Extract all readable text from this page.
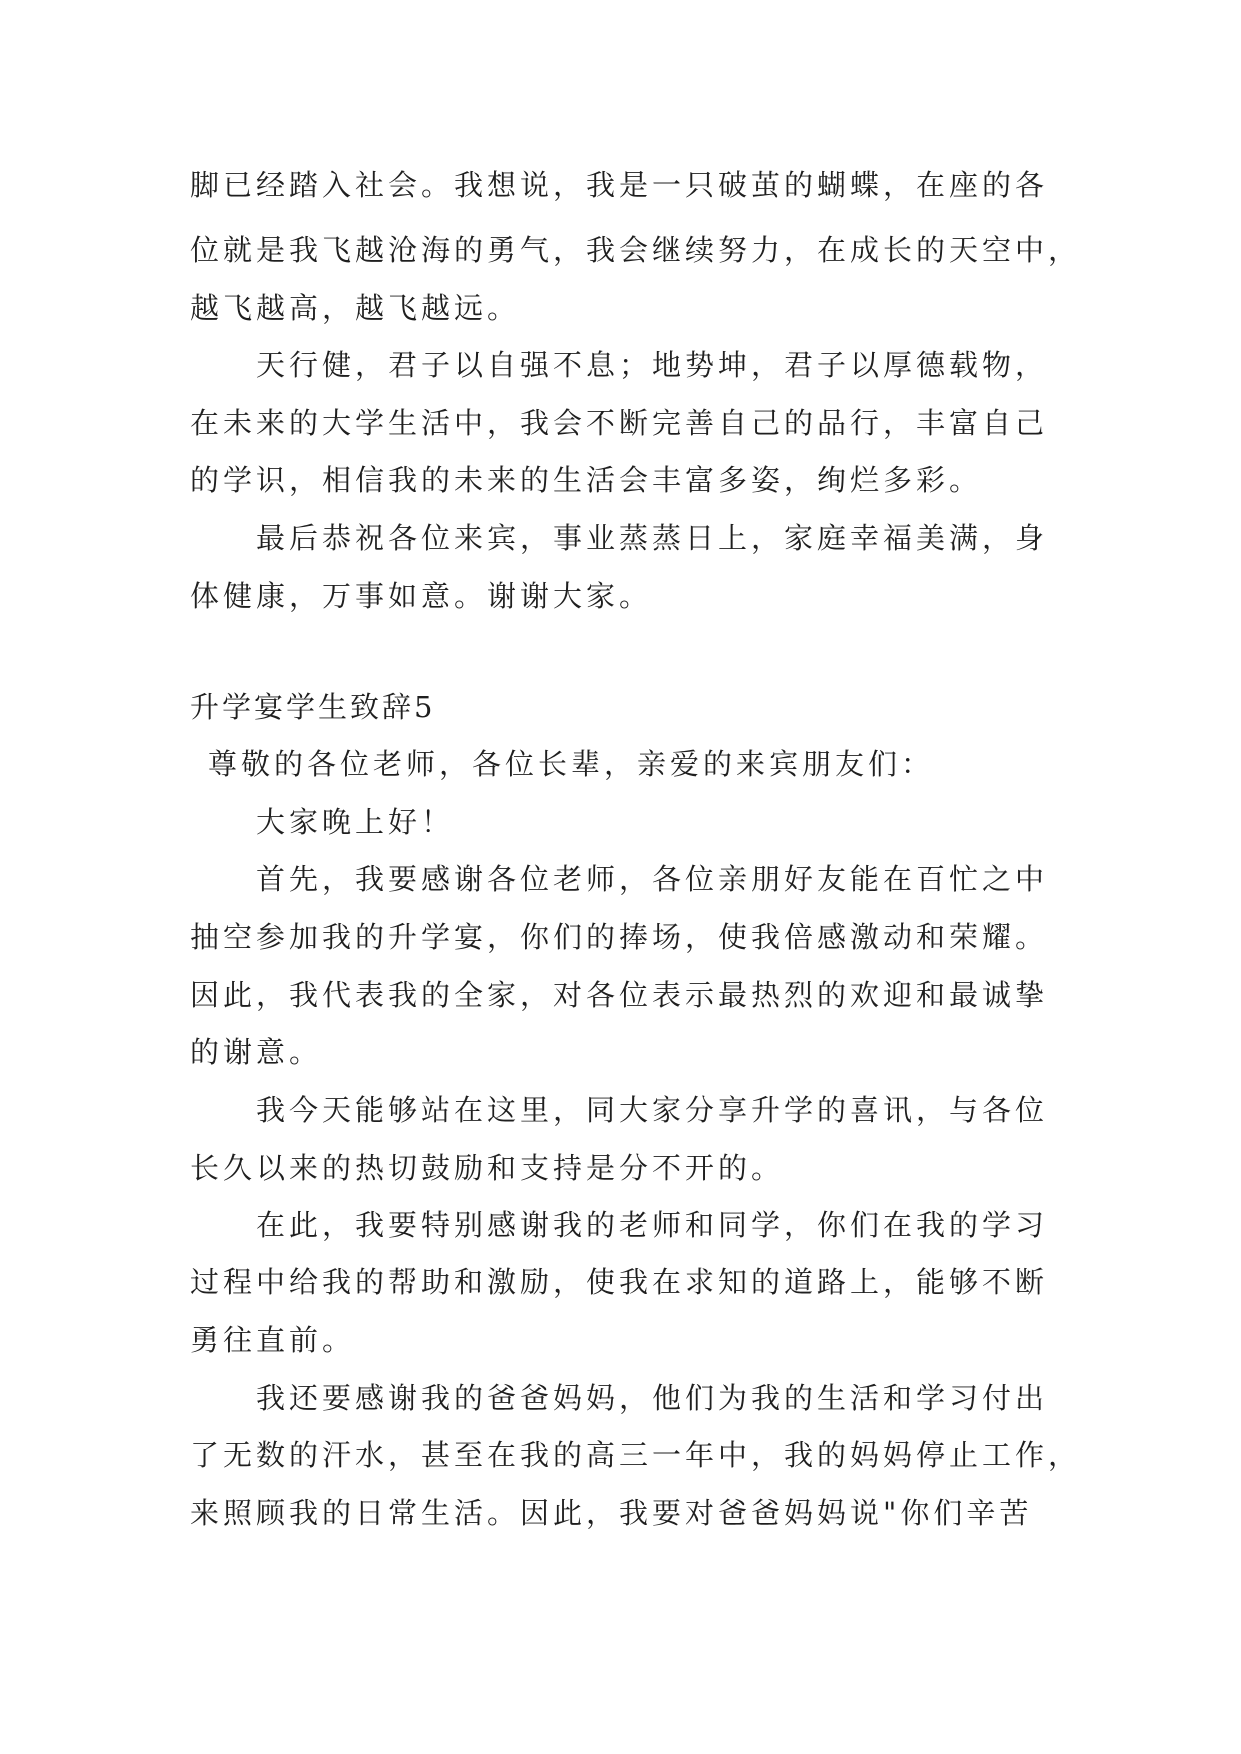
脚已经踏入社会。我想说，我是一只破茧的蝴蝶，在座的各

位就是我飞越沧海的勇气，我会继续努力，在成长的天空中，

越飞越高，越飞越远。

天行健，君子以自强不息；地势坤，君子以厚德载物，

在未来的大学生活中，我会不断完善自己的品行，丰富自己

的学识，相信我的未来的生活会丰富多姿，绚烂多彩。

最后恭祝各位来宾，事业蒸蒸日上，家庭幸福美满，身

体健康，万事如意。谢谢大家。

升学宴学生致辞5

尊敬的各位老师，各位长辈，亲爱的来宾朋友们：

大家晚上好！

首先，我要感谢各位老师，各位亲朋好友能在百忙之中

抽空参加我的升学宴，你们的捧场，使我倍感激动和荣耀。

因此，我代表我的全家，对各位表示最热烈的欢迎和最诚挚

的谢意。

我今天能够站在这里，同大家分享升学的喜讯，与各位

长久以来的热切鼓励和支持是分不开的。

在此，我要特别感谢我的老师和同学，你们在我的学习

过程中给我的帮助和激励，使我在求知的道路上，能够不断

勇往直前。

我还要感谢我的爸爸妈妈，他们为我的生活和学习付出

了无数的汗水，甚至在我的高三一年中，我的妈妈停止工作，

来照顾我的日常生活。因此，我要对爸爸妈妈说"你们辛苦
